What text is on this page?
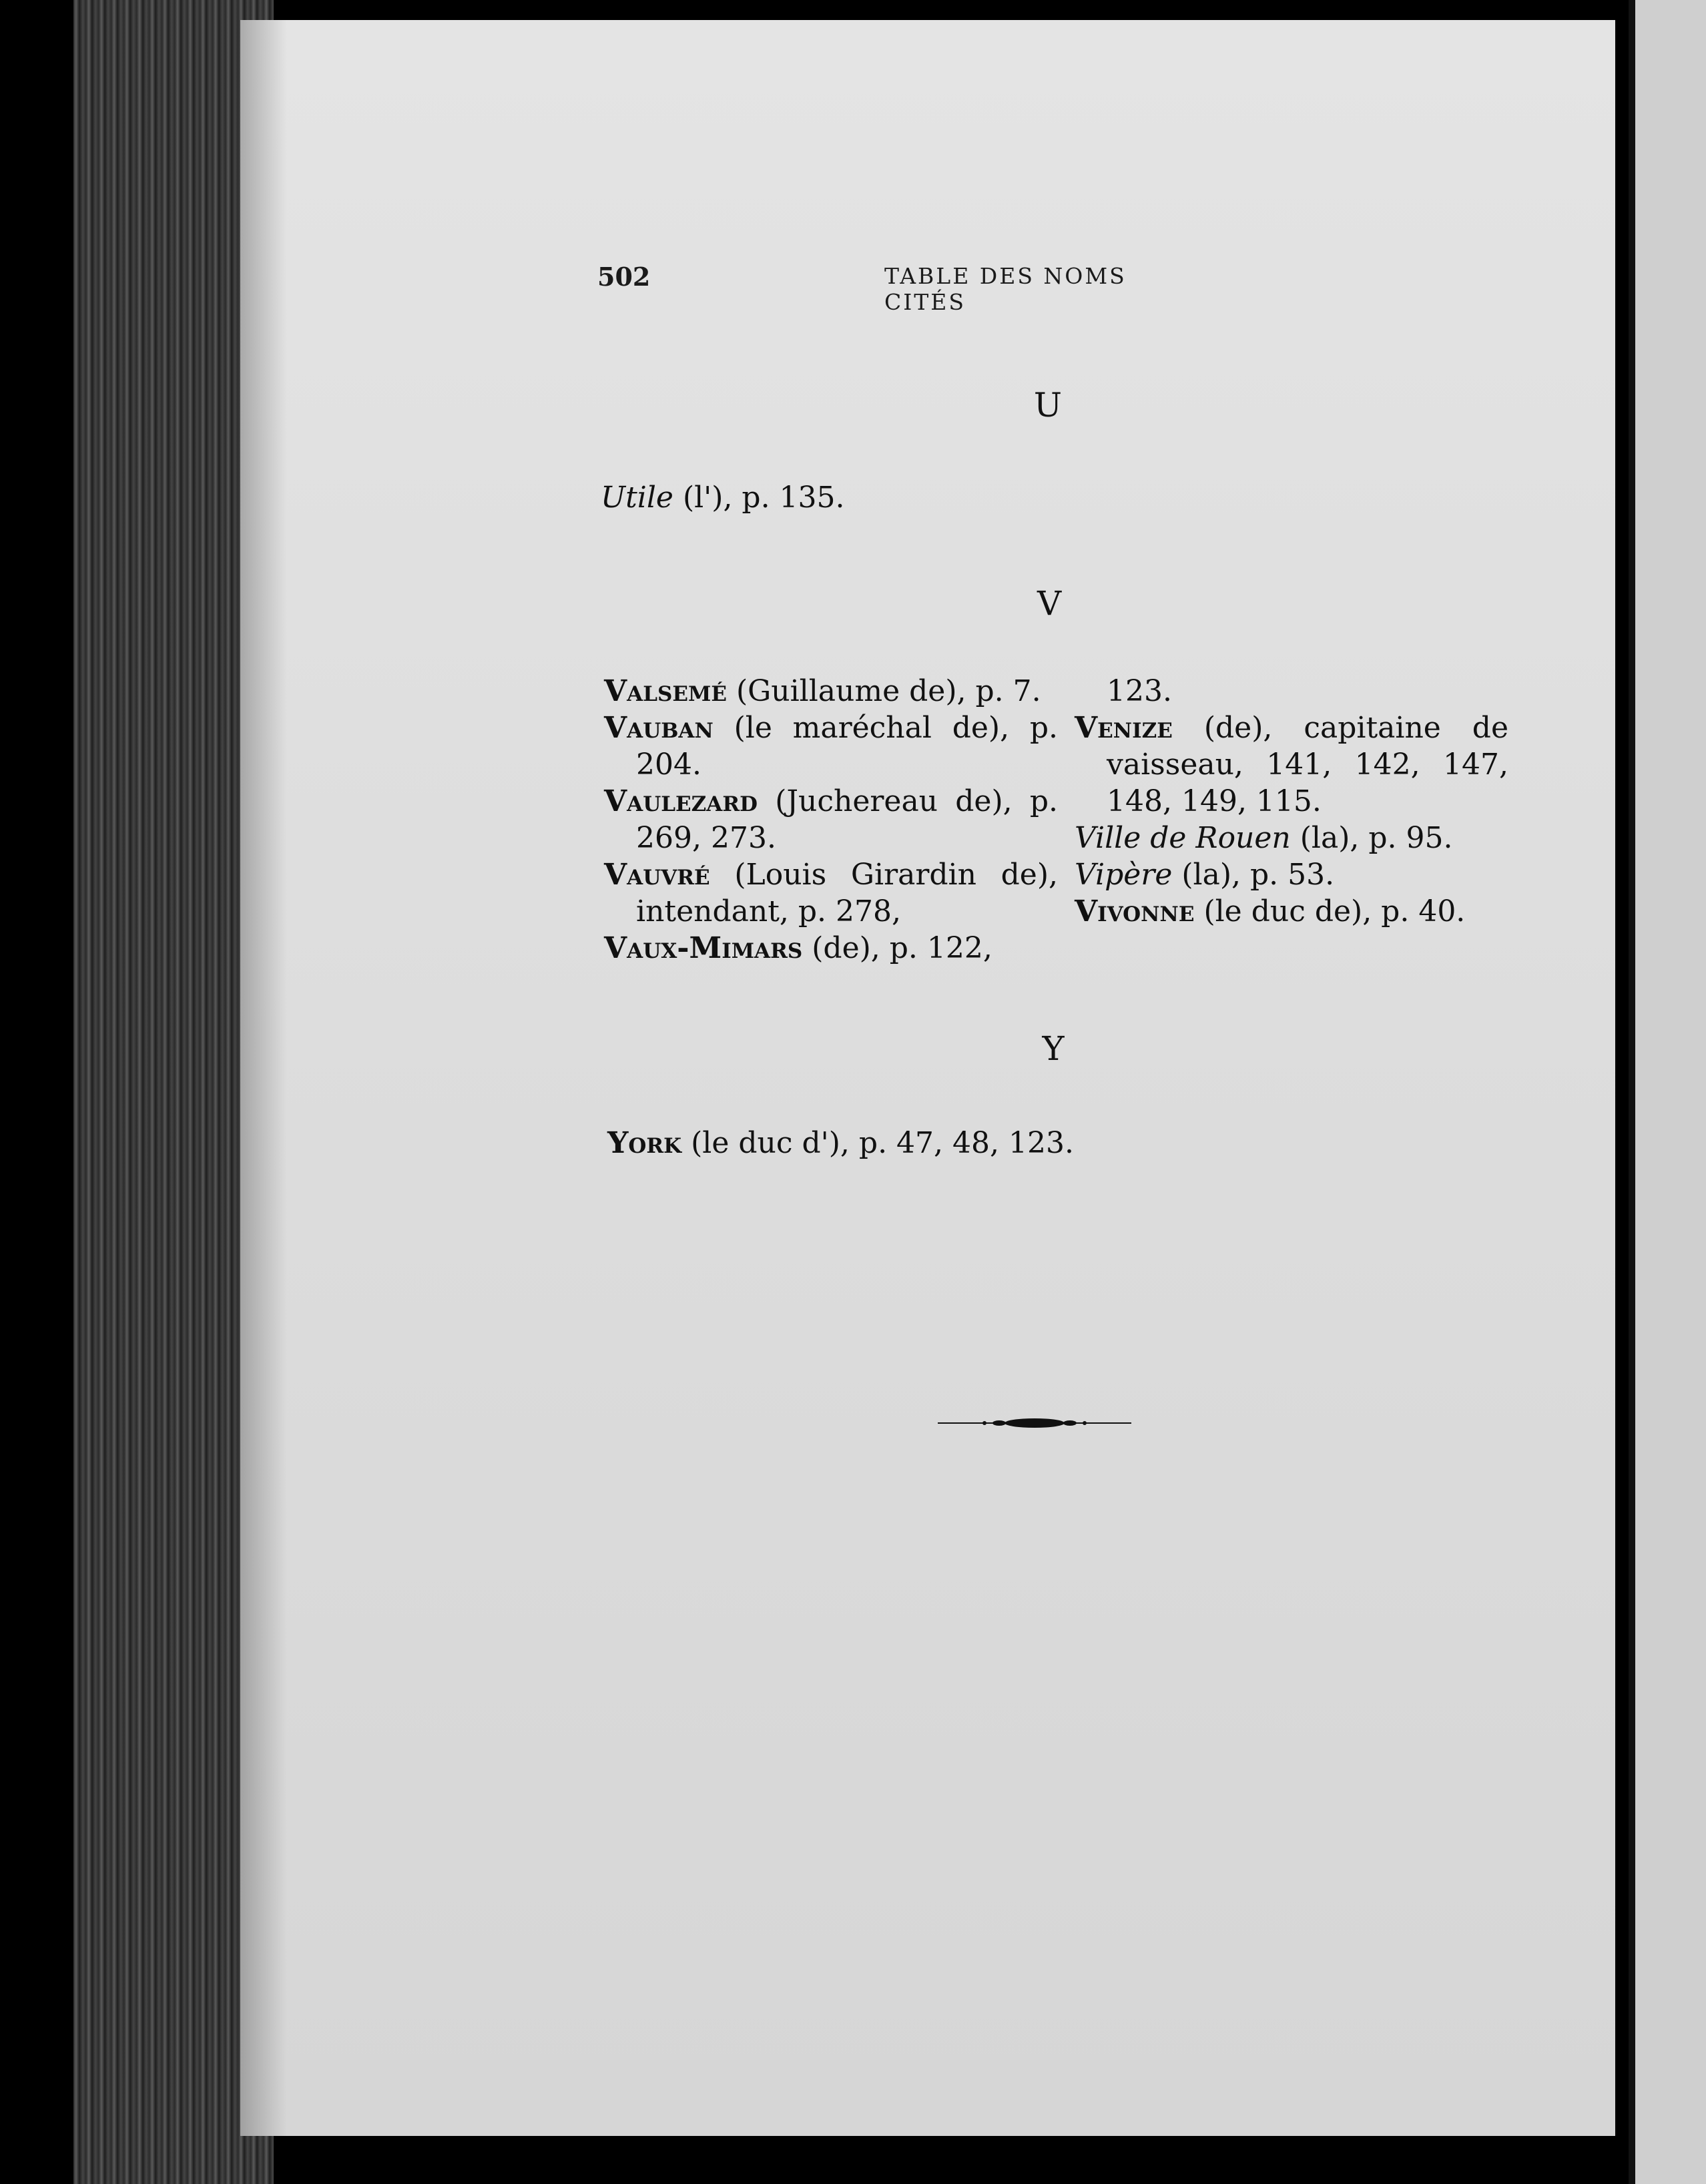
502	TABLE DES NOMS CITÉS
U
Utile (l'), p. 135.
V
Valsemé (Guillaume de), p. 7.
Vauban (le maréchal de), p. 204.
Vaulezard (Juchereau de), p. 269, 273.
Vauvré (Louis Girardin de), intendant, p. 278,
Vaux-Mimars (de), p. 122,
123.
Venize (de), capitaine de vaisseau, 141, 142, 147, 148, 149, 115.
Ville de Rouen (la), p. 95.
Vipère (la), p. 53.
Vivonne (le duc de), p. 40.
Y
York (le duc d'), p. 47, 48, 123.
